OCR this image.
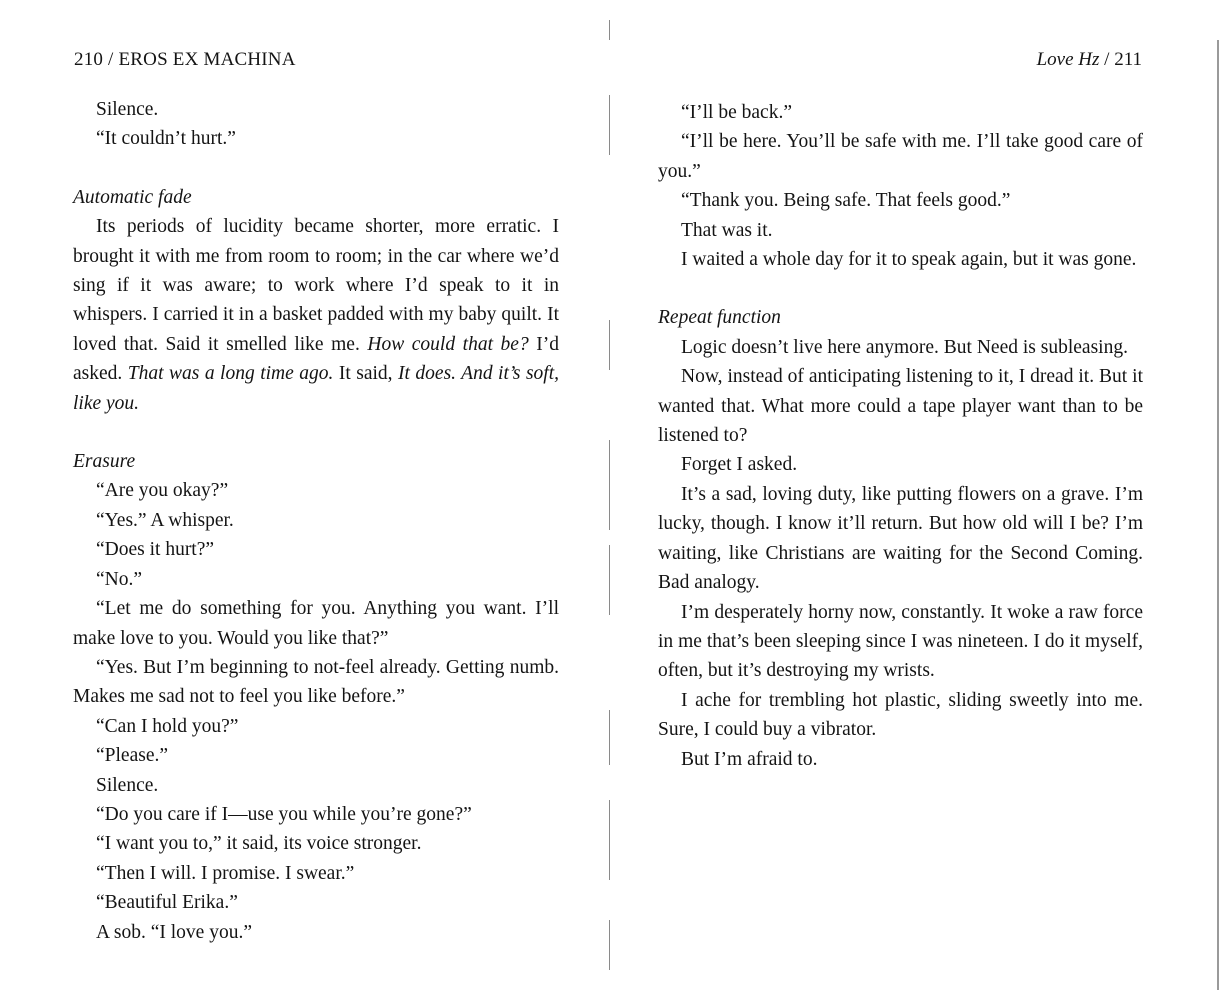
210 / EROS EX MACHINA

Silence.

“It couldn’t hurt.”

Automatic fade

Its periods of lucidity became shorter, more erratic. I brought it with me from room to room; in the car where we’d sing if it was aware; to work where I’d speak to it in whispers. I carried it in a basket padded with my baby quilt. It loved that. Said it smelled like me. How could that be? I’d asked. That was a long time ago. It said, It does. And it’s soft, like you.

Erasure

“Are you okay?”

“Yes.” A whisper.

“Does it hurt?”

“No.”

“Let me do something for you. Anything you want. I’ll make love to you. Would you like that?”

“Yes. But I’m beginning to not-feel already. Getting numb. Makes me sad not to feel you like before.”

“Can I hold you?”

“Please.”

Silence.

“Do you care if I—use you while you’re gone?”

“I want you to,” it said, its voice stronger.

“Then I will. I promise. I swear.”

“Beautiful Erika.”

A sob. “I love you.”

Love Hz / 211

“I’ll be back.”

“I’ll be here. You’ll be safe with me. I’ll take good care of you.”

“Thank you. Being safe. That feels good.”

That was it.

I waited a whole day for it to speak again, but it was gone.

Repeat function

Logic doesn’t live here anymore. But Need is subleasing.

Now, instead of anticipating listening to it, I dread it. But it wanted that. What more could a tape player want than to be listened to?

Forget I asked.

It’s a sad, loving duty, like putting flowers on a grave. I’m lucky, though. I know it’ll return. But how old will I be? I’m waiting, like Christians are waiting for the Second Coming. Bad analogy.

I’m desperately horny now, constantly. It woke a raw force in me that’s been sleeping since I was nineteen. I do it myself, often, but it’s destroying my wrists.

I ache for trembling hot plastic, sliding sweetly into me. Sure, I could buy a vibrator.

But I’m afraid to.
